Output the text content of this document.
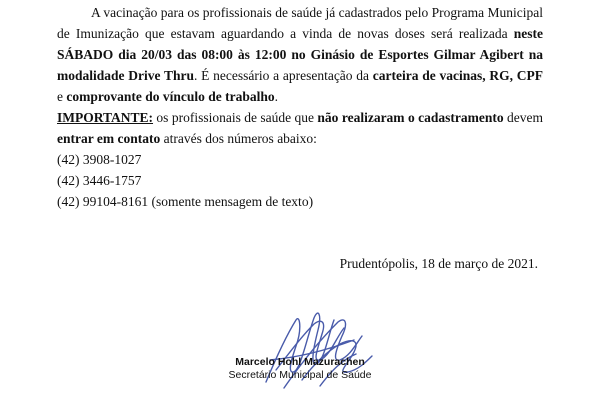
A vacinação para os profissionais de saúde já cadastrados pelo Programa Municipal de Imunização que estavam aguardando a vinda de novas doses será realizada neste SÁBADO dia 20/03 das 08:00 às 12:00 no Ginásio de Esportes Gilmar Agibert na modalidade Drive Thru. É necessário a apresentação da carteira de vacinas, RG, CPF e comprovante do vínculo de trabalho.

IMPORTANTE: os profissionais de saúde que não realizaram o cadastramento devem entrar em contato através dos números abaixo:

(42) 3908-1027
(42) 3446-1757
(42) 99104-8161 (somente mensagem de texto)
Prudentópolis, 18 de março de 2021.
Marcelo Hohl Mazurachen
Secretário Municipal de Saúde
